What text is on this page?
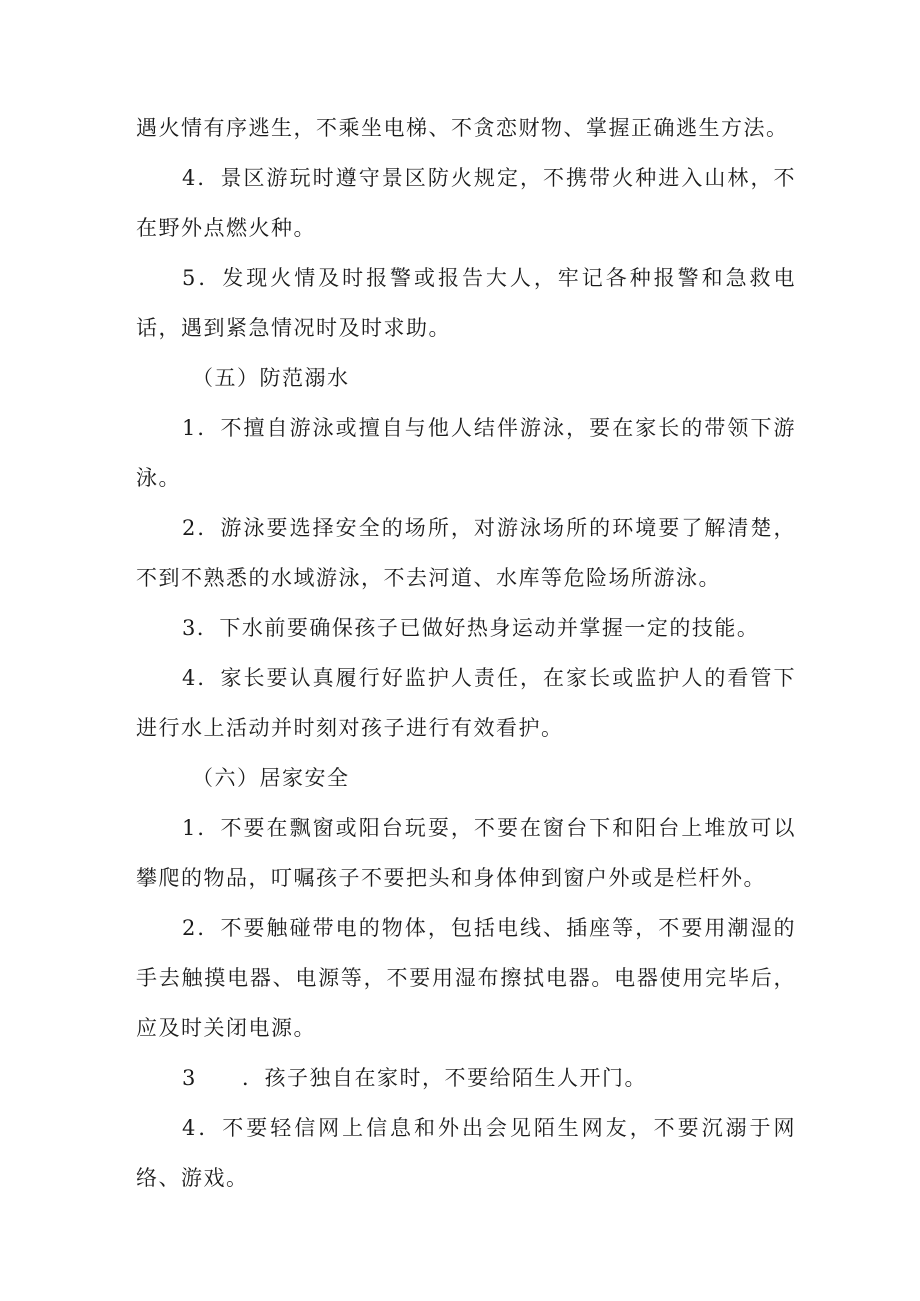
遇火情有序逃生，不乘坐电梯、不贪恋财物、掌握正确逃生方法。

4．景区游玩时遵守景区防火规定，不携带火种进入山林，不在野外点燃火种。

5．发现火情及时报警或报告大人，牢记各种报警和急救电话，遇到紧急情况时及时求助。

（五）防范溺水

1．不擅自游泳或擅自与他人结伴游泳，要在家长的带领下游泳。

2．游泳要选择安全的场所，对游泳场所的环境要了解清楚，不到不熟悉的水域游泳，不去河道、水库等危险场所游泳。

3．下水前要确保孩子已做好热身运动并掌握一定的技能。

4．家长要认真履行好监护人责任，在家长或监护人的看管下进行水上活动并时刻对孩子进行有效看护。

（六）居家安全

1．不要在飘窗或阳台玩耍，不要在窗台下和阳台上堆放可以攀爬的物品，叮嘱孩子不要把头和身体伸到窗户外或是栏杆外。

2．不要触碰带电的物体，包括电线、插座等，不要用潮湿的手去触摸电器、电源等，不要用湿布擦拭电器。电器使用完毕后，应及时关闭电源。

3 ．孩子独自在家时，不要给陌生人开门。

4．不要轻信网上信息和外出会见陌生网友，不要沉溺于网络、游戏。
